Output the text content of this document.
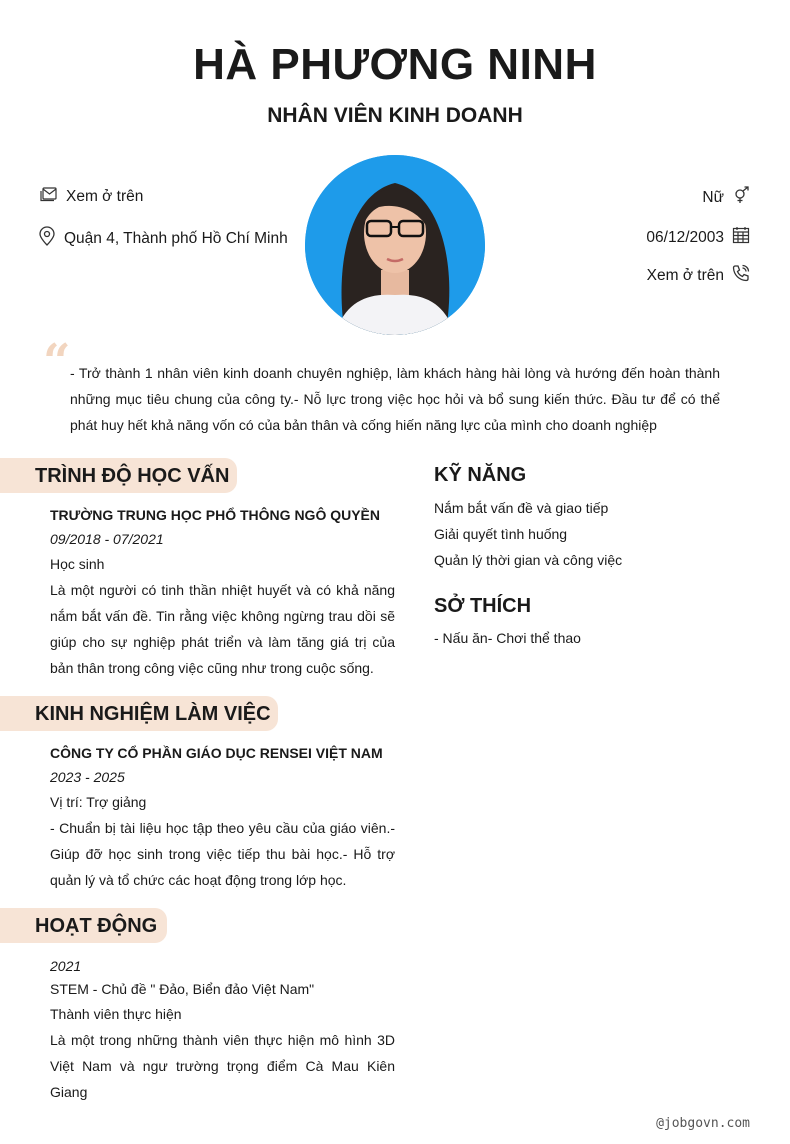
HÀ PHƯƠNG NINH
NHÂN VIÊN KINH DOANH
Xem ở trên
Quận 4, Thành phố Hồ Chí Minh
Nữ
06/12/2003
Xem ở trên
“ - Trở thành 1 nhân viên kinh doanh chuyên nghiệp, làm khách hàng hài lòng và hướng đến hoàn thành những mục tiêu chung của công ty.- Nỗ lực trong việc học hỏi và bổ sung kiến thức. Đầu tư để có thể phát huy hết khả năng vốn có của bản thân và cống hiến năng lực của mình cho doanh nghiệp
TRÌNH ĐỘ HỌC VẤN
TRƯỜNG TRUNG HỌC PHỔ THÔNG NGÔ QUYỀN
09/2018 - 07/2021
Học sinh
Là một người có tinh thần nhiệt huyết và có khả năng nắm bắt vấn đề. Tin rằng việc không ngừng trau dồi sẽ giúp cho sự nghiệp phát triển và làm tăng giá trị của bản thân trong công việc cũng như trong cuộc sống.
KINH NGHIỆM LÀM VIỆC
CÔNG TY CỔ PHẦN GIÁO DỤC RENSEI VIỆT NAM
2023 - 2025
Vị trí: Trợ giảng
- Chuẩn bị tài liệu học tập theo yêu cầu của giáo viên.- Giúp đỡ học sinh trong việc tiếp thu bài học.- Hỗ trợ quản lý và tổ chức các hoạt động trong lớp học.
HOẠT ĐỘNG
2021
STEM - Chủ đề " Đảo, Biển đảo Việt Nam"
Thành viên thực hiện
Là một trong những thành viên thực hiện mô hình 3D Việt Nam và ngư trường trọng điểm Cà Mau Kiên Giang
KỸ NĂNG
Nắm bắt vấn đề và giao tiếp
Giải quyết tình huống
Quản lý thời gian và công việc
SỞ THÍCH
- Nấu ăn- Chơi thể thao
@jobgovn.com
